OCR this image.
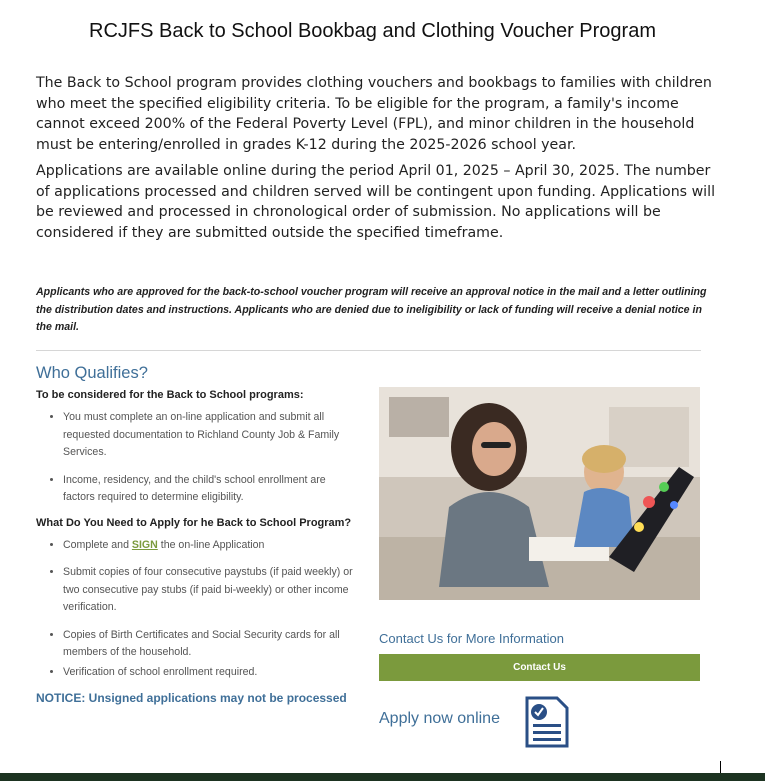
RCJFS Back to School Bookbag and Clothing Voucher Program

The Back to School program provides clothing vouchers and bookbags to families with children who meet the specified eligibility criteria. To be eligible for the program, a family's income cannot exceed 200% of the Federal Poverty Level (FPL), and minor children in the household must be entering/enrolled in grades K-12 during the 2025-2026 school year.

Applications are available online during the period April 01, 2025 – April 30, 2025. The number of applications processed and children served will be contingent upon funding. Applications will be reviewed and processed in chronological order of submission. No applications will be considered if they are submitted outside the specified timeframe.

Applicants who are approved for the back-to-school voucher program will receive an approval notice in the mail and a letter outlining the distribution dates and instructions. Applicants who are denied due to ineligibility or lack of funding will receive a denial notice in the mail.
Who Qualifies?
To be considered for the Back to School programs:
• You must complete an on-line application and submit all requested documentation to Richland County Job & Family Services.
• Income, residency, and the child's school enrollment are factors required to determine eligibility.
What Do You Need to Apply for he Back to School Program?
• Complete and SIGN the on-line Application
• Submit copies of four consecutive paystubs (if paid weekly) or two consecutive pay stubs (if paid bi-weekly) or other income verification.
• Copies of Birth Certificates and Social Security cards for all members of the household.
• Verification of school enrollment required.
NOTICE: Unsigned applications may not be processed
Contact Us for More Information
Contact Us
Apply now online
